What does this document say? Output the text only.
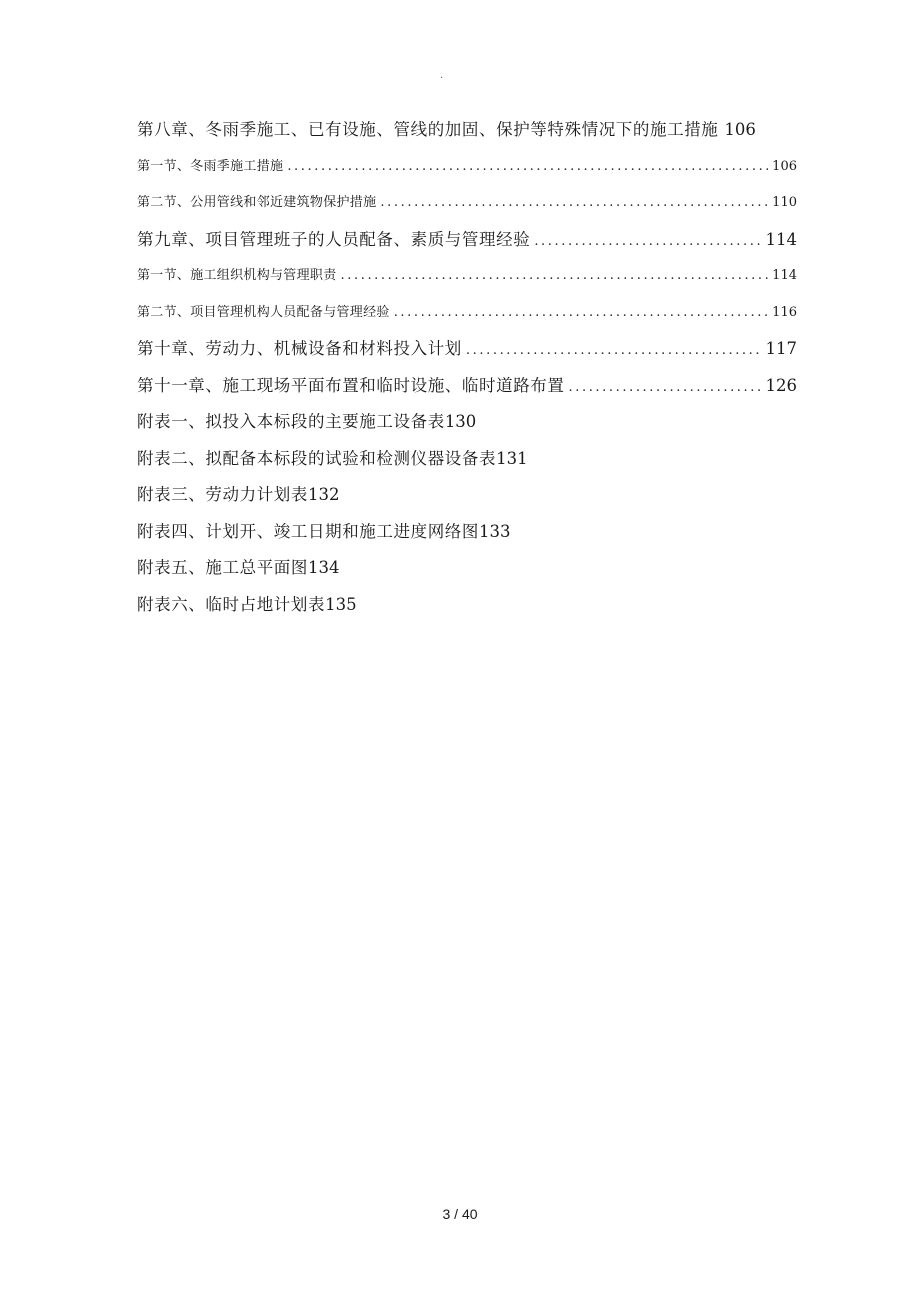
.
第八章、冬雨季施工、已有设施、管线的加固、保护等特殊情况下的施工措施 106
第一节、冬雨季施工措施 .....	106
第二节、公用管线和邻近建筑物保护措施 .....	110
第九章、项目管理班子的人员配备、素质与管理经验 .....	114
第一节、施工组织机构与管理职责 .....	114
第二节、项目管理机构人员配备与管理经验 .....	116
第十章、劳动力、机械设备和材料投入计划 .....	117
第十一章、施工现场平面布置和临时设施、临时道路布置 .....	126
附表一、拟投入本标段的主要施工设备表 130
附表二、拟配备本标段的试验和检测仪器设备表 131
附表三、劳动力计划表 132
附表四、计划开、竣工日期和施工进度网络图 133
附表五、施工总平面图 134
附表六、临时占地计划表 135
3 / 40
